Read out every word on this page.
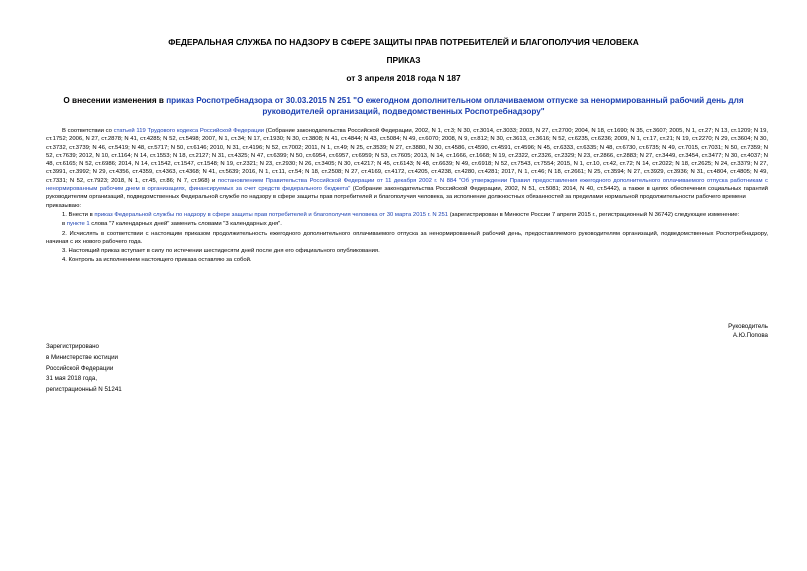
ФЕДЕРАЛЬНАЯ СЛУЖБА ПО НАДЗОРУ В СФЕРЕ ЗАЩИТЫ ПРАВ ПОТРЕБИТЕЛЕЙ И БЛАГОПОЛУЧИЯ ЧЕЛОВЕКА
ПРИКАЗ
от 3 апреля 2018 года N 187
О внесении изменения в приказ Роспотребнадзора от 30.03.2015 N 251 "О ежегодном дополнительном оплачиваемом отпуске за ненормированный рабочий день для руководителей организаций, подведомственных Роспотребнадзору"

В соответствии со статьей 119 Трудового кодекса Российской Федерации (Собрание законодательства Российской Федерации, 2002, N 1, ст.3; N 30, ст.3014, ст.3033; 2003, N 27, ст.2700; 2004, N 18, ст.1690; N 35, ст.3607; 2005, N 1, ст.27; N 13, ст.1209; N 19, ст.1752; 2006, N 27, ст.2878; N 41, ст.4285; N 52, ст.5498; 2007, N 1, ст.34; N 17, ст.1930; N 30, ст.3808; N 41, ст.4844; N 43, ст.5084; N 49, ст.6070; 2008, N 9, ст.812; N 30, ст.3613, ст.3616; N 52, ст.6235, ст.6236; 2009, N 1, ст.17, ст.21; N 19, ст.2270; N 29, ст.3604; N 30, ст.3732, ст.3739; N 46, ст.5419; N 48, ст.5717; N 50, ст.6146; 2010, N 31, ст.4196; N 52, ст.7002; 2011, N 1, ст.49; N 25, ст.3539; N 27, ст.3880, N 30, ст.4586, ст.4590, ст.4591, ст.4596; N 45, ст.6333, ст.6335; N 48, ст.6730, ст.6735; N 49, ст.7015, ст.7031; N 50, ст.7359; N 52, ст.7639; 2012, N 10, ст.1164; N 14, ст.1553; N 18, ст.2127; N 31, ст.4325; N 47, ст.6399; N 50, ст.6954, ст.6957, ст.6959; N 53, ст.7605; 2013, N 14, ст.1666, ст.1668; N 19, ст.2322, ст.2326, ст.2329; N 23, ст.2866, ст.2883; N 27, ст.3449, ст.3454, ст.3477; N 30, ст.4037; N 48, ст.6165; N 52, ст.6986; 2014, N 14, ст.1542, ст.1547, ст.1548; N 19, ст.2321; N 23, ст.2930; N 26, ст.3405; N 30, ст.4217; N 45, ст.6143; N 48, ст.6639; N 49, ст.6918; N 52, ст.7543, ст.7554; 2015, N 1, ст.10, ст.42, ст.72; N 14, ст.2022; N 18, ст.2625; N 24, ст.3379; N 27, ст.3991, ст.3992; N 29, ст.4356, ст.4359, ст.4363, ст.4368; N 41, ст.5639; 2016, N 1, ст.11, ст.54; N 18, ст.2508; N 27, ст.4169, ст.4172, ст.4205, ст.4238, ст.4280, ст.4281; 2017, N 1, ст.46; N 18, ст.2661; N 25, ст.3594; N 27, ст.3929, ст.3936; N 31, ст.4804, ст.4805; N 49, ст.7331; N 52, ст.7923; 2018, N 1, ст.45, ст.86; N 7, ст.968) и постановлением Правительства Российской Федерации от 11 декабря 2002 г. N 884 "Об утверждении Правил предоставления ежегодного дополнительного оплачиваемого отпуска работникам с ненормированным рабочим днем в организациях, финансируемых за счет средств федерального бюджета" (Собрание законодательства Российской Федерации, 2002, N 51, ст.5081; 2014, N 40, ст.5442), а также в целях обеспечения социальных гарантий руководителям организаций, подведомственных Федеральной службе по надзору в сфере защиты прав потребителей и благополучия человека, за исполнение должностных обязанностей за пределами нормальной продолжительности рабочего времени

приказываю:

1. Внести в приказ Федеральной службы по надзору в сфере защиты прав потребителей и благополучия человека от 30 марта 2015 г. N 251 (зарегистрирован в Минюсте России 7 апреля 2015 г., регистрационный N 36742) следующее изменение:

в пункте 1 слова "7 календарных дней" заменить словами "3 календарных дня".

2. Исчислять в соответствии с настоящим приказом продолжительность ежегодного дополнительного оплачиваемого отпуска за ненормированный рабочий день, предоставляемого руководителям организаций, подведомственных Роспотребнадзору, начиная с их нового рабочего года.

3. Настоящий приказ вступает в силу по истечении шестидесяти дней после дня его официального опубликования.

4. Контроль за исполнением настоящего приказа оставляю за собой.

Руководитель
А.Ю.Попова
Зарегистрировано
в Министерстве юстиции
Российской Федерации
31 мая 2018 года,
регистрационный N 51241
